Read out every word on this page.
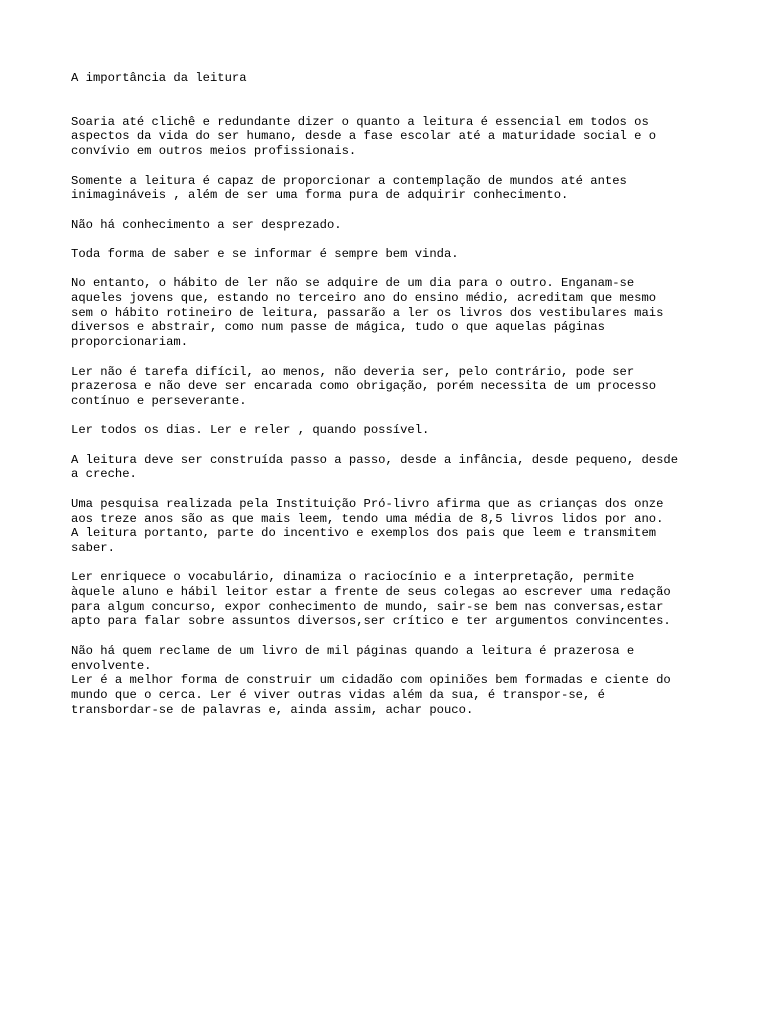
A importância da leitura
Soaria até clichê e redundante dizer o quanto a leitura é essencial em todos os
aspectos da vida do ser humano, desde a fase escolar até a maturidade social e o
convívio em outros meios profissionais.
Somente a leitura é capaz de proporcionar a contemplação de mundos até antes
inimagináveis , além de ser uma forma pura de adquirir conhecimento.
Não há conhecimento a ser desprezado.
Toda forma de saber e se informar é sempre bem vinda.
No entanto, o hábito de ler não se adquire de um dia para o outro. Enganam-se
aqueles jovens que, estando no terceiro ano do ensino médio, acreditam que mesmo
sem o hábito rotineiro de leitura, passarão a ler os livros dos vestibulares mais
diversos e abstrair, como num passe de mágica, tudo o que aquelas páginas
proporcionariam.
Ler não é tarefa difícil, ao menos, não deveria ser, pelo contrário, pode ser
prazerosa e não deve ser encarada como obrigação, porém necessita de um processo
contínuo e perseverante.
Ler todos os dias. Ler e reler , quando possível.
A leitura deve ser construída passo a passo, desde a infância, desde pequeno, desde
a creche.
Uma pesquisa realizada pela Instituição Pró-livro afirma que as crianças dos onze
aos treze anos são as que mais leem, tendo uma média de 8,5 livros lidos por ano.
A leitura portanto, parte do incentivo e exemplos dos pais que leem e transmitem
saber.
Ler enriquece o vocabulário, dinamiza o raciocínio e a interpretação, permite
àquele aluno e hábil leitor estar a frente de seus colegas ao escrever uma redação
para algum concurso, expor conhecimento de mundo, sair-se bem nas conversas,estar
apto para falar sobre assuntos diversos,ser crítico e ter argumentos convincentes.
Não há quem reclame de um livro de mil páginas quando a leitura é prazerosa e
envolvente.
Ler é a melhor forma de construir um cidadão com opiniões bem formadas e ciente do
mundo que o cerca. Ler é viver outras vidas além da sua, é transpor-se, é
transbordar-se de palavras e, ainda assim, achar pouco.
